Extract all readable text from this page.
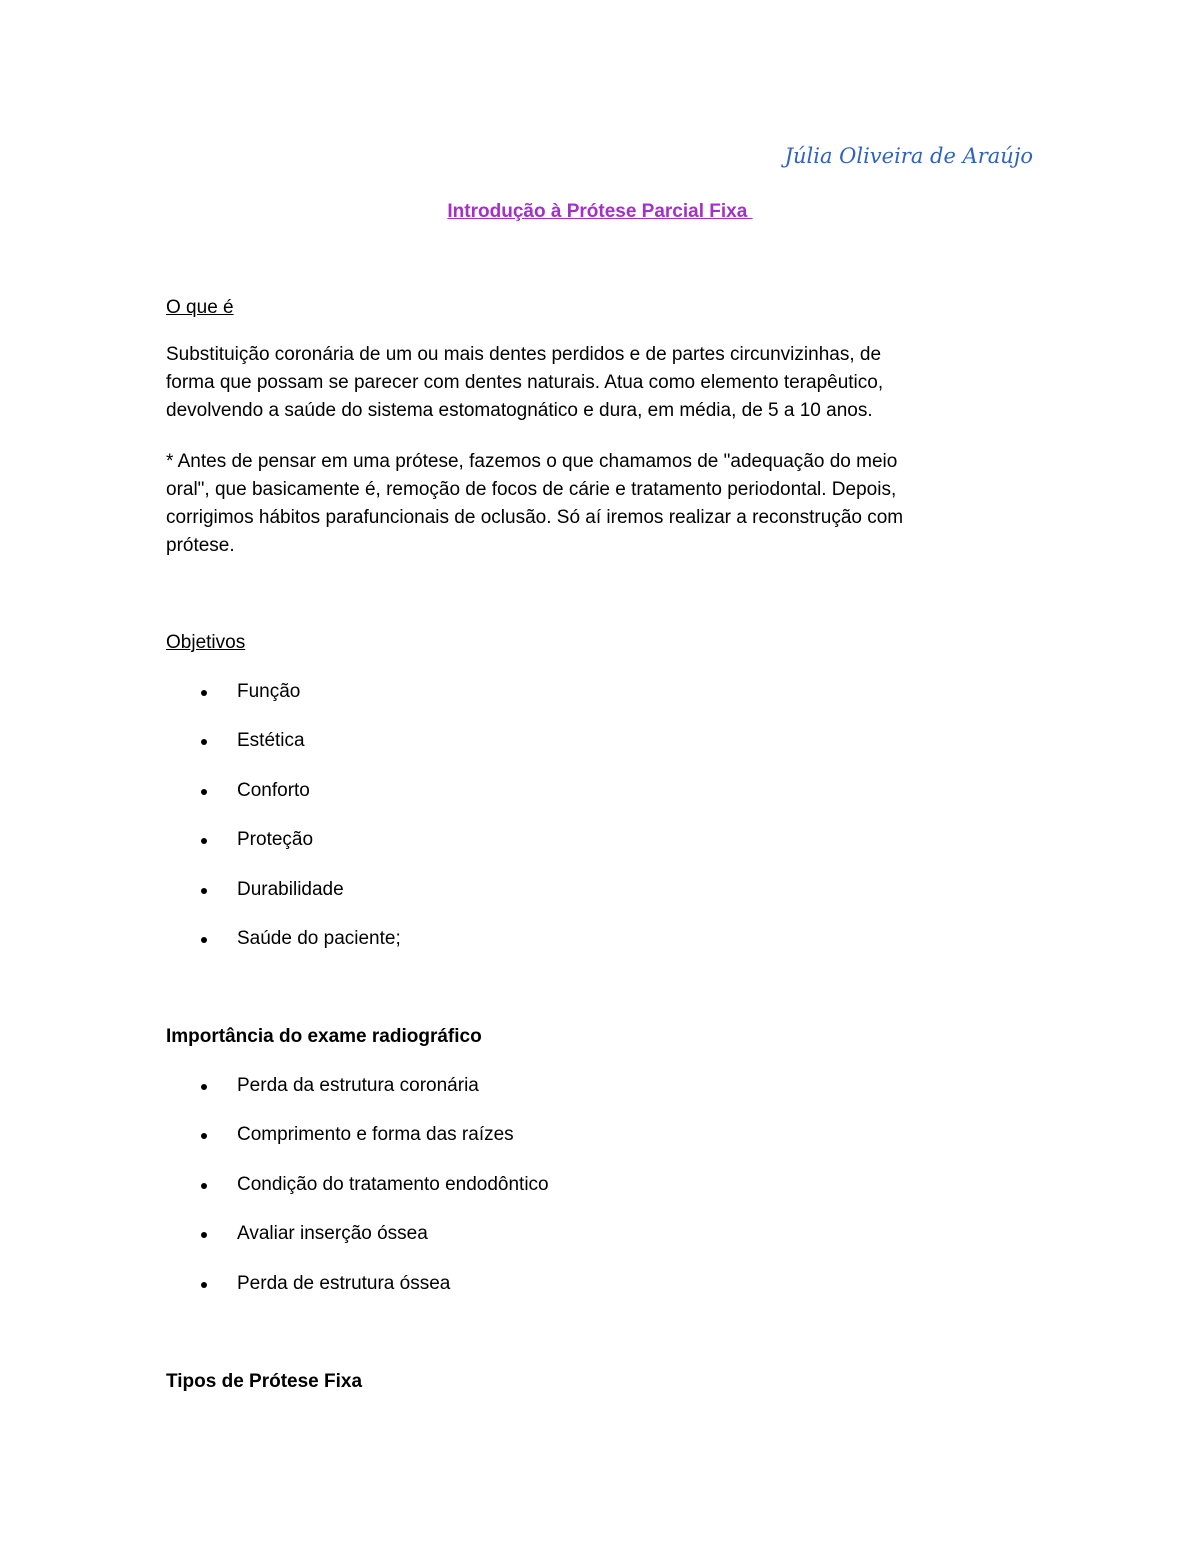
Júlia Oliveira de Araújo
Introdução à Prótese Parcial Fixa
O que é
Substituição coronária de um ou mais dentes perdidos e de partes circunvizinhas, de
forma que possam se parecer com dentes naturais. Atua como elemento terapêutico,
devolvendo a saúde do sistema estomatognático e dura, em média, de 5 a 10 anos.
* Antes de pensar em uma prótese, fazemos o que chamamos de "adequação do meio
oral", que basicamente é, remoção de focos de cárie e tratamento periodontal. Depois,
corrigimos hábitos parafuncionais de oclusão. Só aí iremos realizar a reconstrução com
prótese.
Objetivos
Função
Estética
Conforto
Proteção
Durabilidade
Saúde do paciente;
Importância do exame radiográfico
Perda da estrutura coronária
Comprimento e forma das raízes
Condição do tratamento endodôntico
Avaliar inserção óssea
Perda de estrutura óssea
Tipos de Prótese Fixa
